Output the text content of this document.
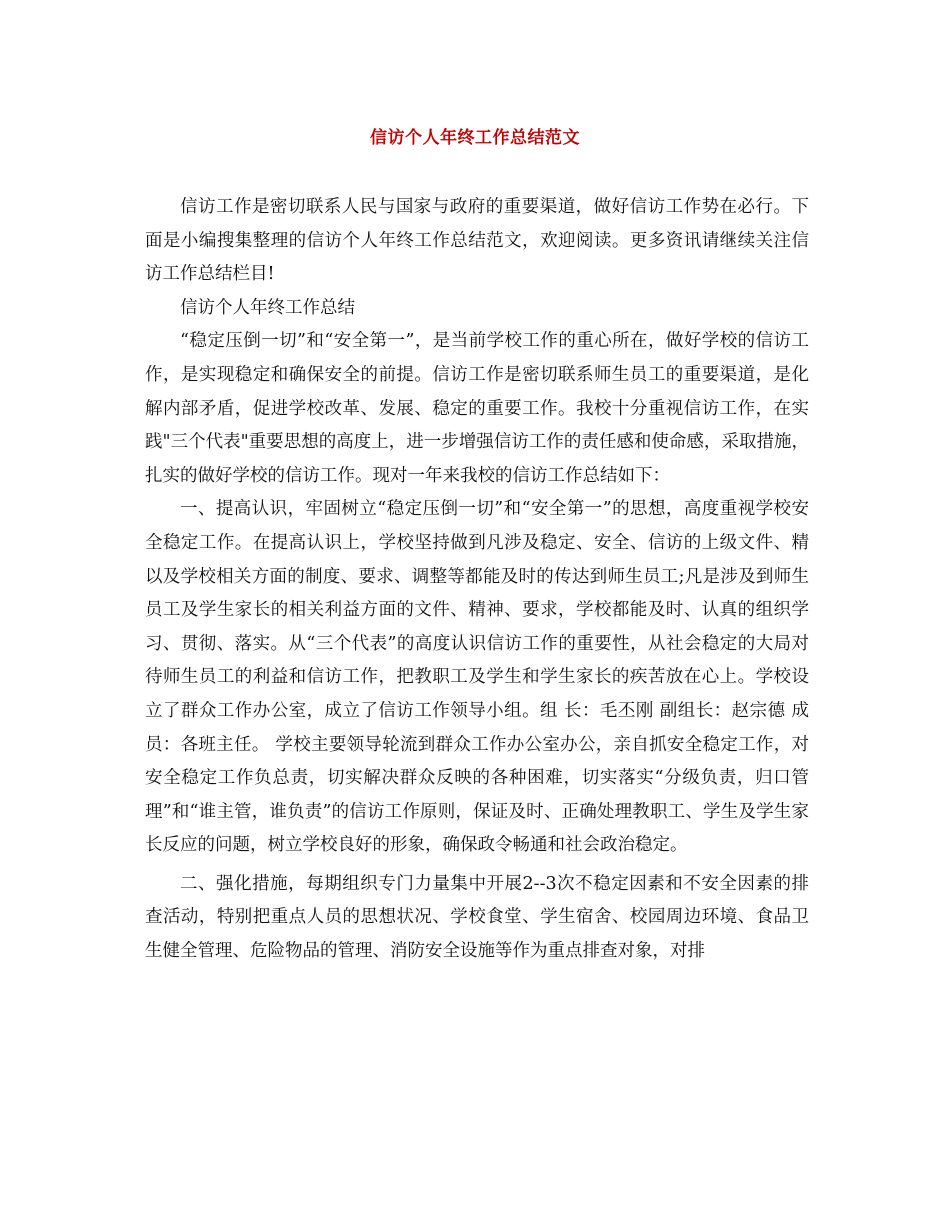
信访个人年终工作总结范文

信访工作是密切联系人民与国家与政府的重要渠道，做好信访工作势在必行。下面是小编搜集整理的信访个人年终工作总结范文，欢迎阅读。更多资讯请继续关注信访工作总结栏目!

信访个人年终工作总结

“稳定压倒一切”和“安全第一”，是当前学校工作的重心所在，做好学校的信访工作，是实现稳定和确保安全的前提。信访工作是密切联系师生员工的重要渠道，是化解内部矛盾，促进学校改革、发展、稳定的重要工作。我校十分重视信访工作，在实践"三个代表"重要思想的高度上，进一步增强信访工作的责任感和使命感，采取措施，扎实的做好学校的信访工作。现对一年来我校的信访工作总结如下：

一、提高认识，牢固树立“稳定压倒一切”和“安全第一”的思想，高度重视学校安全稳定工作。在提高认识上，学校坚持做到凡涉及稳定、安全、信访的上级文件、精以及学校相关方面的制度、要求、调整等都能及时的传达到师生员工;凡是涉及到师生员工及学生家长的相关利益方面的文件、精神、要求，学校都能及时、认真的组织学习、贯彻、落实。从“三个代表”的高度认识信访工作的重要性，从社会稳定的大局对待师生员工的利益和信访工作，把教职工及学生和学生家长的疾苦放在心上。学校设立了群众工作办公室，成立了信访工作领导小组。组 长：毛丕刚 副组长：赵宗德 成 员：各班主任。 学校主要领导轮流到群众工作办公室办公，亲自抓安全稳定工作，对安全稳定工作负总责，切实解决群众反映的各种困难，切实落实“分级负责，归口管理”和“谁主管，谁负责”的信访工作原则，保证及时、正确处理教职工、学生及学生家长反应的问题，树立学校良好的形象，确保政令畅通和社会政治稳定。

二、强化措施，每期组织专门力量集中开展2--3次不稳定因素和不安全因素的排查活动，特别把重点人员的思想状况、学校食堂、学生宿舍、校园周边环境、食品卫生健全管理、危险物品的管理、消防安全设施等作为重点排查对象，对排
